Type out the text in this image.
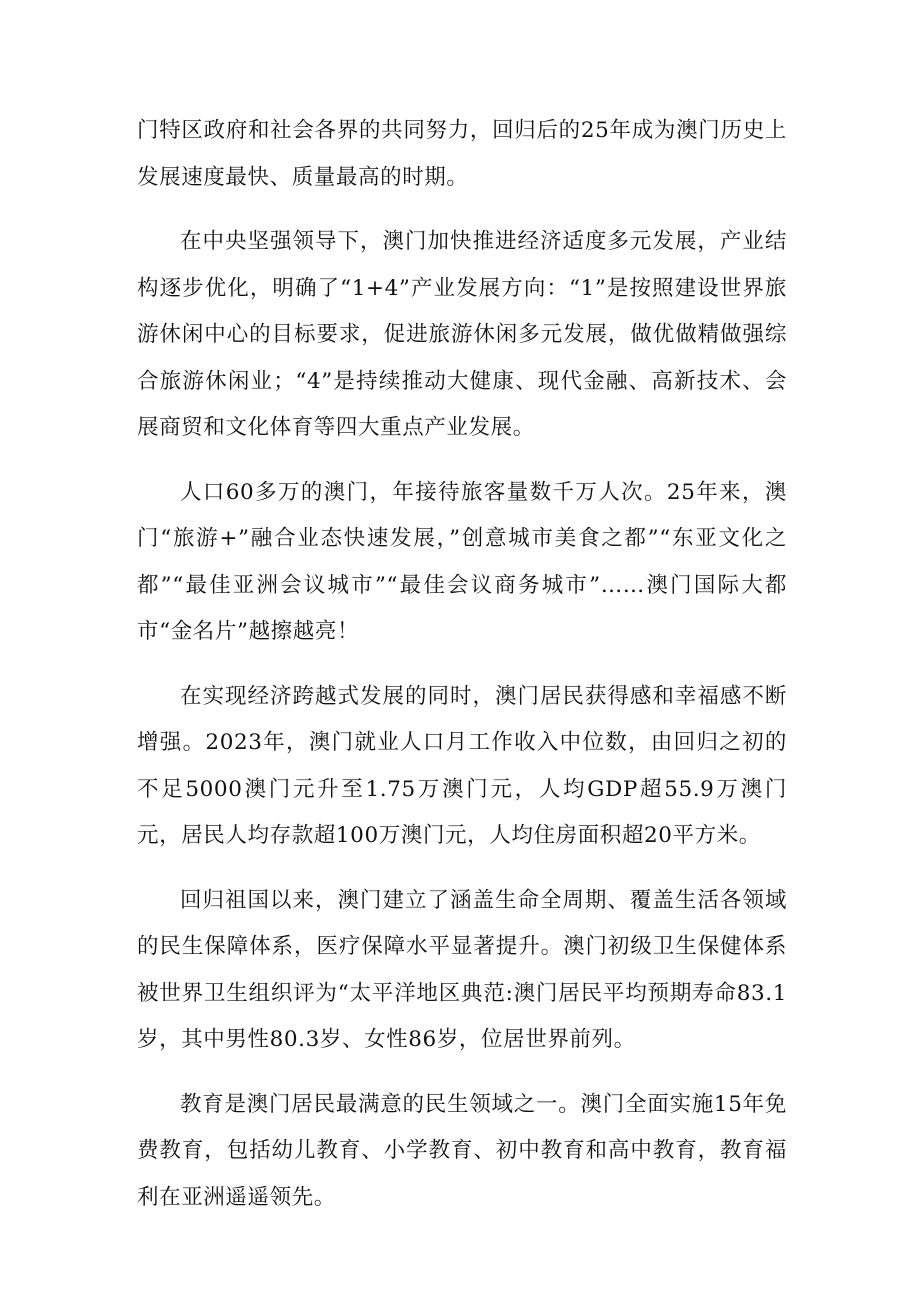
门特区政府和社会各界的共同努力，回归后的25年成为澳门历史上发展速度最快、质量最高的时期。

在中央坚强领导下，澳门加快推进经济适度多元发展，产业结构逐步优化，明确了“1+4”产业发展方向：“1”是按照建设世界旅游休闲中心的目标要求，促进旅游休闲多元发展，做优做精做强综合旅游休闲业；“4”是持续推动大健康、现代金融、高新技术、会展商贸和文化体育等四大重点产业发展。

人口60多万的澳门，年接待旅客量数千万人次。25年来，澳门“旅游+”融合业态快速发展，”创意城市美食之都”“东亚文化之都”“最佳亚洲会议城市”“最佳会议商务城市”……澳门国际大都市“金名片”越擦越亮！

在实现经济跨越式发展的同时，澳门居民获得感和幸福感不断增强。2023年，澳门就业人口月工作收入中位数，由回归之初的不足5000澳门元升至1.75万澳门元，人均GDP超55.9万澳门元，居民人均存款超100万澳门元，人均住房面积超20平方米。

回归祖国以来，澳门建立了涵盖生命全周期、覆盖生活各领域的民生保障体系，医疗保障水平显著提升。澳门初级卫生保健体系被世界卫生组织评为“太平洋地区典范:澳门居民平均预期寿命83.1岁，其中男性80.3岁、女性86岁，位居世界前列。

教育是澳门居民最满意的民生领域之一。澳门全面实施15年免费教育，包括幼儿教育、小学教育、初中教育和高中教育，教育福利在亚洲遥遥领先。
